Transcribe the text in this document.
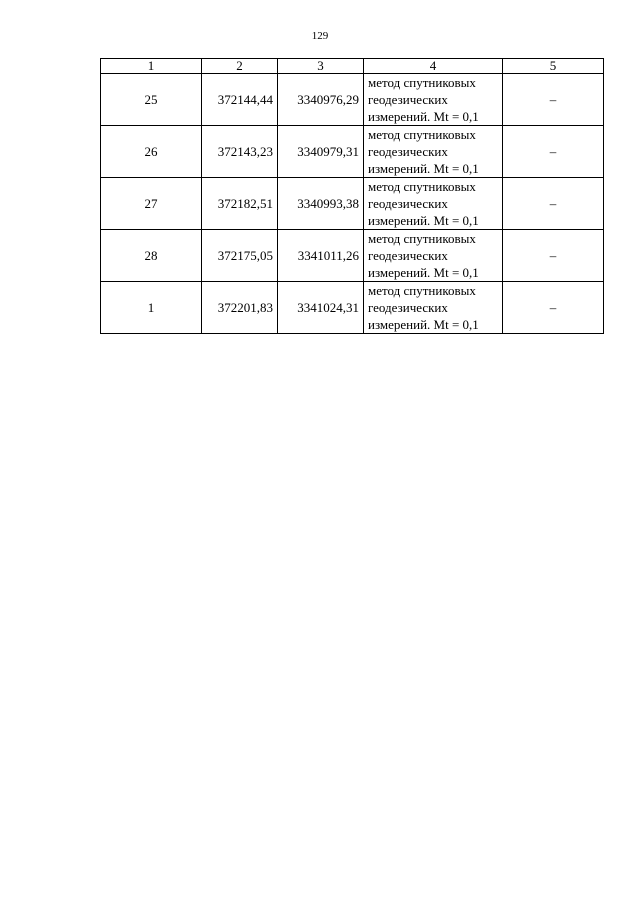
129
1	2	3	4	5
25	372144,44	3340976,29	метод спутниковых
геодезических
измерений. Mt = 0,1	–
26	372143,23	3340979,31	метод спутниковых
геодезических
измерений. Mt = 0,1	–
27	372182,51	3340993,38	метод спутниковых
геодезических
измерений. Mt = 0,1	–
28	372175,05	3341011,26	метод спутниковых
геодезических
измерений. Mt = 0,1	–
1	372201,83	3341024,31	метод спутниковых
геодезических
измерений. Mt = 0,1	–
